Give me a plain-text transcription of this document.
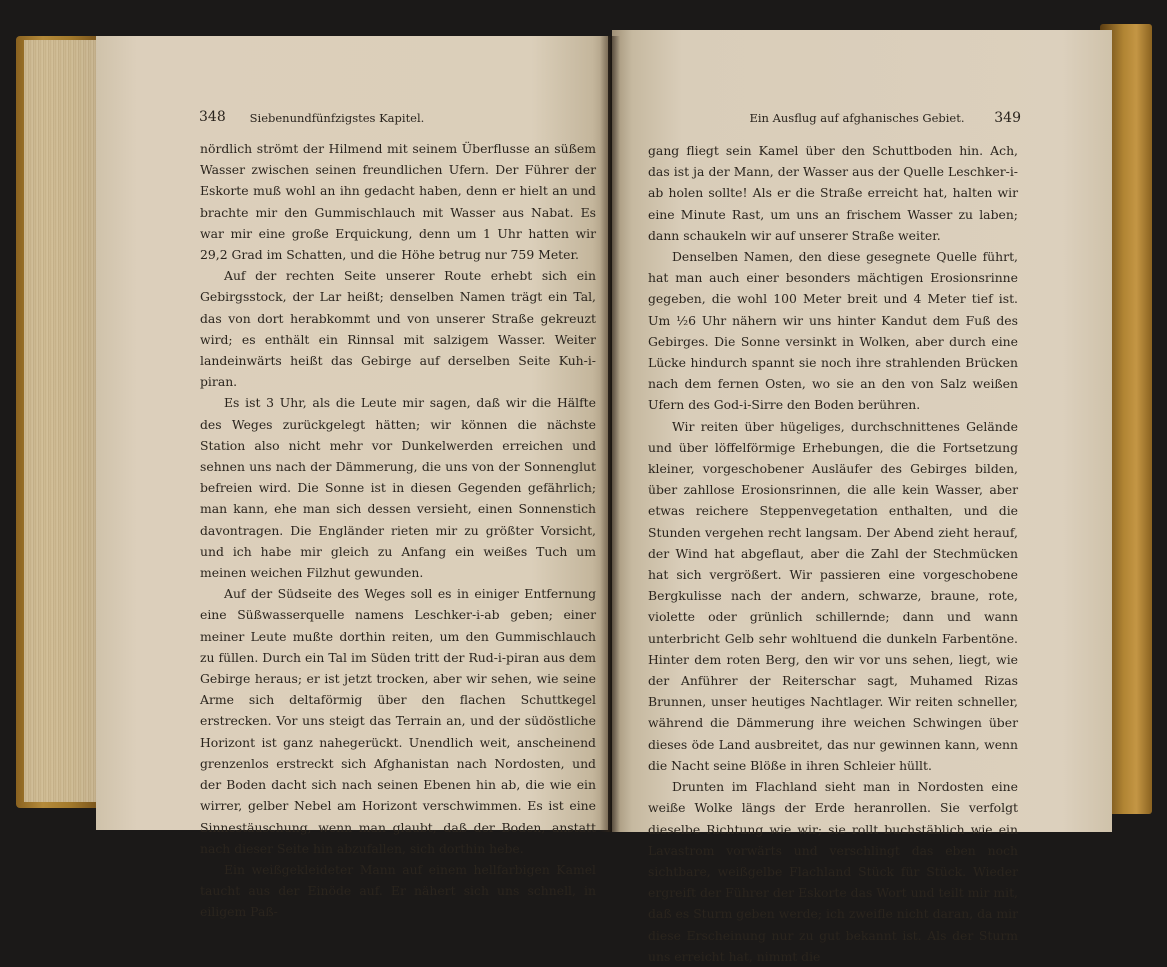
348	Siebenundfünfzigstes Kapitel.

nördlich strömt der Hilmend mit seinem Überflusse an süßem Wasser zwischen seinen freundlichen Ufern. Der Führer der Eskorte muß wohl an ihn gedacht haben, denn er hielt an und brachte mir den Gummischlauch mit Wasser aus Nabat. Es war mir eine große Erquickung, denn um 1 Uhr hatten wir 29,2 Grad im Schatten, und die Höhe betrug nur 759 Meter.

Auf der rechten Seite unserer Route erhebt sich ein Gebirgsstock, der Lar heißt; denselben Namen trägt ein Tal, das von dort herabkommt und von unserer Straße gekreuzt wird; es enthält ein Rinnsal mit salzigem Wasser. Weiter landeinwärts heißt das Gebirge auf derselben Seite Kuh-i-piran.

Es ist 3 Uhr, als die Leute mir sagen, daß wir die Hälfte des Weges zurückgelegt hätten; wir können die nächste Station also nicht mehr vor Dunkelwerden erreichen und sehnen uns nach der Dämmerung, die uns von der Sonnenglut befreien wird. Die Sonne ist in diesen Gegenden gefährlich; man kann, ehe man sich dessen versieht, einen Sonnenstich davontragen. Die Engländer rieten mir zu größter Vorsicht, und ich habe mir gleich zu Anfang ein weißes Tuch um meinen weichen Filzhut gewunden.

Auf der Südseite des Weges soll es in einiger Entfernung eine Süßwasserquelle namens Leschker-i-ab geben; einer meiner Leute mußte dorthin reiten, um den Gummischlauch zu füllen. Durch ein Tal im Süden tritt der Rud-i-piran aus dem Gebirge heraus; er ist jetzt trocken, aber wir sehen, wie seine Arme sich deltaförmig über den flachen Schuttkegel erstrecken. Vor uns steigt das Terrain an, und der südöstliche Horizont ist ganz nahegerückt. Unendlich weit, anscheinend grenzenlos erstreckt sich Afghanistan nach Nordosten, und der Boden dacht sich nach seinen Ebenen hin ab, die wie ein wirrer, gelber Nebel am Horizont verschwimmen. Es ist eine Sinnestäuschung, wenn man glaubt, daß der Boden, anstatt nach dieser Seite hin abzufallen, sich dorthin hebe.

Ein weißgekleideter Mann auf einem hellfarbigen Kamel taucht aus der Einöde auf. Er nähert sich uns schnell, in eiligem Paß-

Ein Ausflug auf afghanisches Gebiet.	349

gang fliegt sein Kamel über den Schuttboden hin. Ach, das ist ja der Mann, der Wasser aus der Quelle Leschker-i-ab holen sollte! Als er die Straße erreicht hat, halten wir eine Minute Rast, um uns an frischem Wasser zu laben; dann schaukeln wir auf unserer Straße weiter.

Denselben Namen, den diese gesegnete Quelle führt, hat man auch einer besonders mächtigen Erosionsrinne gegeben, die wohl 100 Meter breit und 4 Meter tief ist. Um ½6 Uhr nähern wir uns hinter Kandut dem Fuß des Gebirges. Die Sonne versinkt in Wolken, aber durch eine Lücke hindurch spannt sie noch ihre strahlenden Brücken nach dem fernen Osten, wo sie an den von Salz weißen Ufern des God-i-Sirre den Boden berühren.

Wir reiten über hügeliges, durchschnittenes Gelände und über löffelförmige Erhebungen, die die Fortsetzung kleiner, vorgeschobener Ausläufer des Gebirges bilden, über zahllose Erosionsrinnen, die alle kein Wasser, aber etwas reichere Steppenvegetation enthalten, und die Stunden vergehen recht langsam. Der Abend zieht herauf, der Wind hat abgeflaut, aber die Zahl der Stechmücken hat sich vergrößert. Wir passieren eine vorgeschobene Bergkulisse nach der andern, schwarze, braune, rote, violette oder grünlich schillernde; dann und wann unterbricht Gelb sehr wohltuend die dunkeln Farbentöne. Hinter dem roten Berg, den wir vor uns sehen, liegt, wie der Anführer der Reiterschar sagt, Muhamed Rizas Brunnen, unser heutiges Nachtlager. Wir reiten schneller, während die Dämmerung ihre weichen Schwingen über dieses öde Land ausbreitet, das nur gewinnen kann, wenn die Nacht seine Blöße in ihren Schleier hüllt.

Drunten im Flachland sieht man in Nordosten eine weiße Wolke längs der Erde heranrollen. Sie verfolgt dieselbe Richtung wie wir; sie rollt buchstäblich wie ein Lavastrom vorwärts und verschlingt das eben noch sichtbare, weißgelbe Flachland Stück für Stück. Wieder ergreift der Führer der Eskorte das Wort und teilt mir mit, daß es Sturm geben werde; ich zweifle nicht daran, da mir diese Erscheinung nur zu gut bekannt ist. Als der Sturm uns erreicht hat, nimmt die
